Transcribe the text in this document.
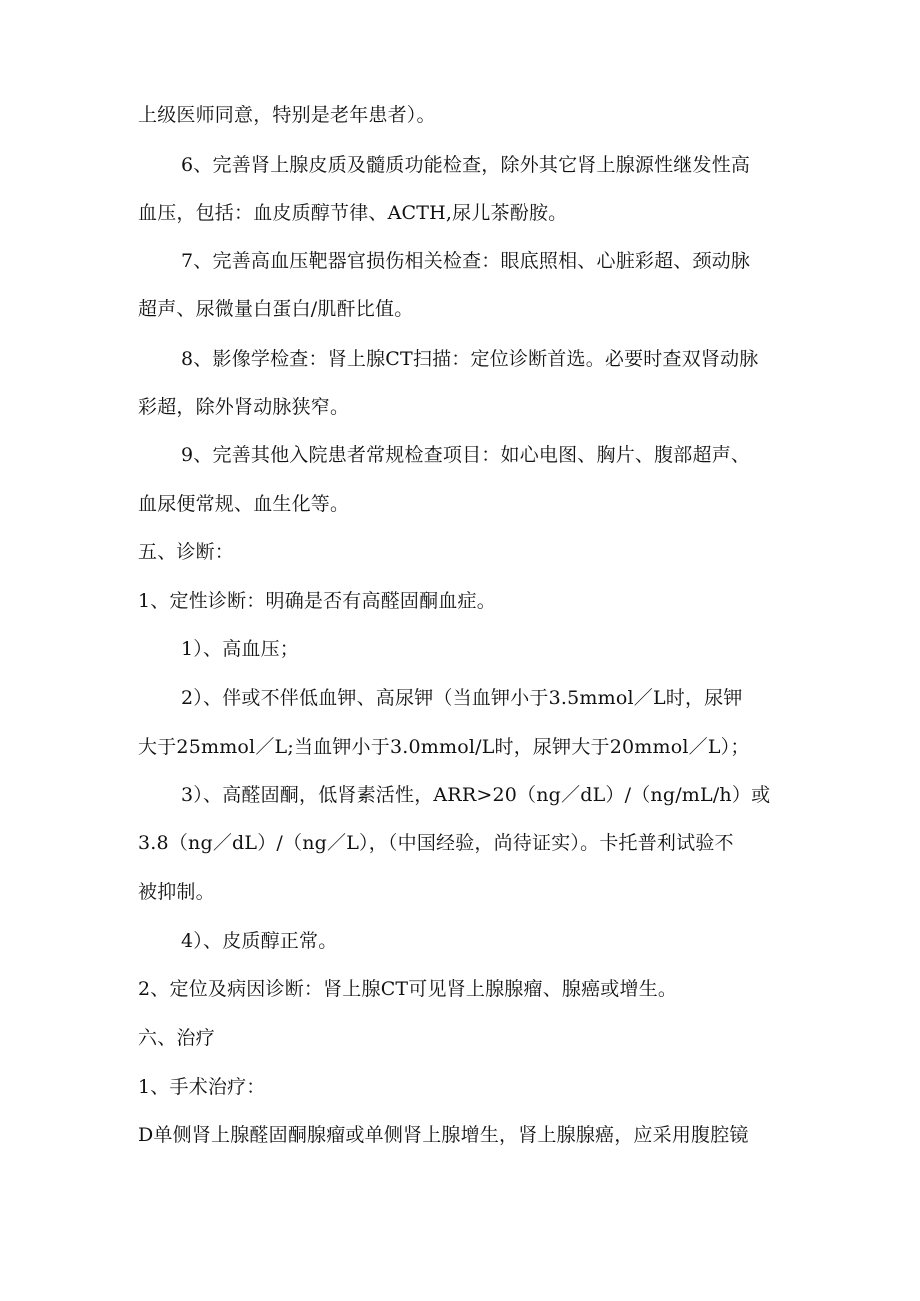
上级医师同意，特别是老年患者）。
6、完善肾上腺皮质及髓质功能检查，除外其它肾上腺源性继发性高
血压，包括：血皮质醇节律、ACTH,尿儿茶酚胺。
7、完善高血压靶器官损伤相关检查：眼底照相、心脏彩超、颈动脉
超声、尿微量白蛋白/肌酐比值。
8、影像学检查：肾上腺CT扫描：定位诊断首选。必要时查双肾动脉
彩超，除外肾动脉狭窄。
9、完善其他入院患者常规检查项目：如心电图、胸片、腹部超声、
血尿便常规、血生化等。
五、诊断：
1、定性诊断：明确是否有高醛固酮血症。
1）、高血压；
2）、伴或不伴低血钾、高尿钾（当血钾小于3.5mmol／L时，尿钾
大于25mmol／L;当血钾小于3.0mmol/L时，尿钾大于20mmol／L）；
3）、高醛固酮，低肾素活性，ARR>20（ng／dL）/（ng/mL/h）或
3.8（ng／dL）/（ng／L），（中国经验，尚待证实）。卡托普利试验不
被抑制。
4）、皮质醇正常。
2、定位及病因诊断：肾上腺CT可见肾上腺腺瘤、腺癌或增生。
六、治疗
1、手术治疗：
D单侧肾上腺醛固酮腺瘤或单侧肾上腺增生，肾上腺腺癌，应采用腹腔镜
